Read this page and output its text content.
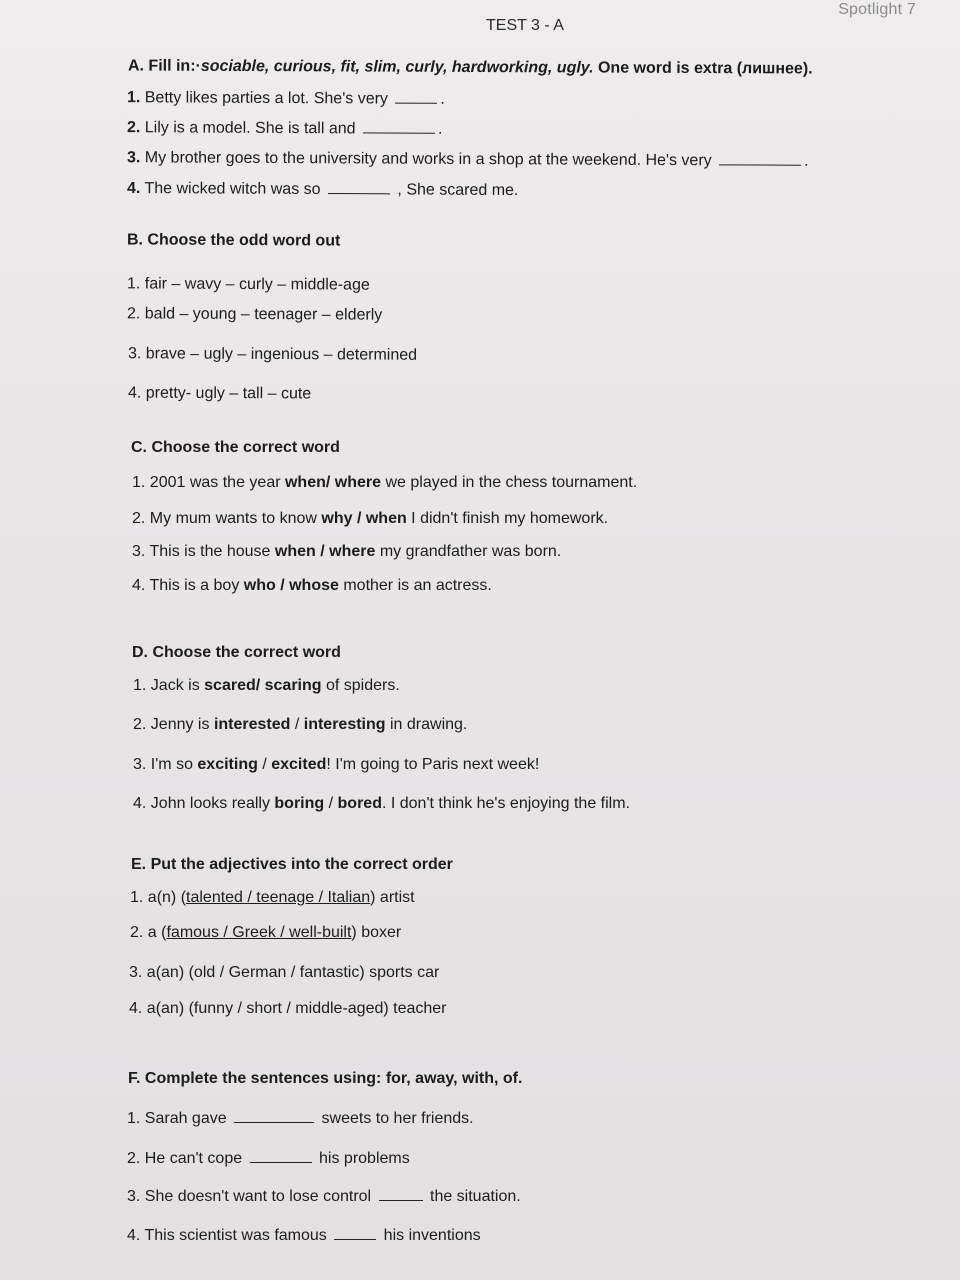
Spotlight 7
TEST 3 - A
A. Fill in:·sociable, curious, fit, slim, curly, hardworking, ugly. One word is extra (лишнее).
1. Betty likes parties a lot. She's very	.
2. Lily is a model. She is tall and	.
3. My brother goes to the university and works in a shop at the weekend. He's very	.
4. The wicked witch was so	, She scared me.
B. Choose the odd word out
1. fair – wavy – curly – middle-age
2. bald – young – teenager – elderly
3. brave – ugly – ingenious – determined
4. pretty- ugly – tall – cute
C. Choose the correct word
1. 2001 was the year when/ where we played in the chess tournament.
2. My mum wants to know why / when I didn't finish my homework.
3. This is the house when / where my grandfather was born.
4. This is a boy who / whose mother is an actress.
D. Choose the correct word
1. Jack is scared/ scaring of spiders.
2. Jenny is interested / interesting in drawing.
3. I'm so exciting / excited! I'm going to Paris next week!
4. John looks really boring / bored. I don't think he's enjoying the film.
E. Put the adjectives into the correct order
1. a(n) (talented / teenage / Italian) artist
2. a (famous / Greek / well-built) boxer
3. a(an) (old / German / fantastic) sports car
4. a(an) (funny / short / middle-aged) teacher
F. Complete the sentences using: for, away, with, of.
1. Sarah gave	sweets to her friends.
2. He can't cope	his problems
3. She doesn't want to lose control	the situation.
4. This scientist was famous	his inventions
